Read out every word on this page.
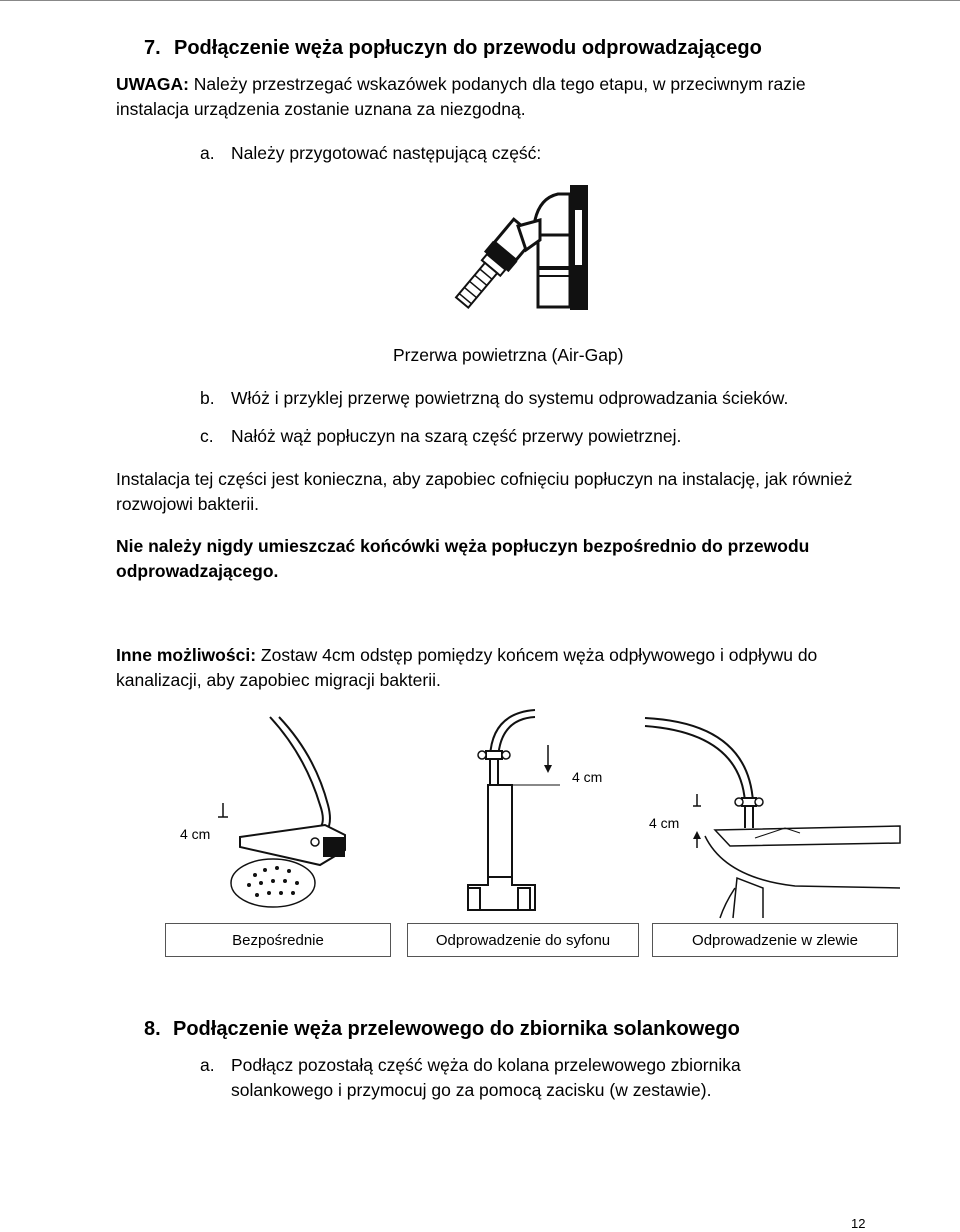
7. Podłączenie węża popłuczyn do przewodu odprowadzającego
UWAGA: Należy przestrzegać wskazówek podanych dla tego etapu, w przeciwnym razie instalacja urządzenia zostanie uznana za niezgodną.
a. Należy przygotować następującą część:
Przerwa powietrzna (Air-Gap)
b. Włóż i przyklej przerwę powietrzną do systemu odprowadzania ścieków.
c. Nałóż wąż popłuczyn na szarą część przerwy powietrznej.
Instalacja tej części jest konieczna, aby zapobiec cofnięciu popłuczyn na instalację, jak również rozwojowi bakterii.
Nie należy nigdy umieszczać końcówki węża popłuczyn bezpośrednio do przewodu odprowadzającego.
Inne możliwości: Zostaw 4cm odstęp pomiędzy końcem węża odpływowego i odpływu do kanalizacji, aby zapobiec migracji bakterii.
4 cm
4 cm
4 cm
Bezpośrednie	Odprowadzenie do syfonu	Odprowadzenie w zlewie
8. Podłączenie węża przelewowego do zbiornika solankowego
a. Podłącz pozostałą część węża do kolana przelewowego zbiornika solankowego i przymocuj go za pomocą zacisku (w zestawie).
12
